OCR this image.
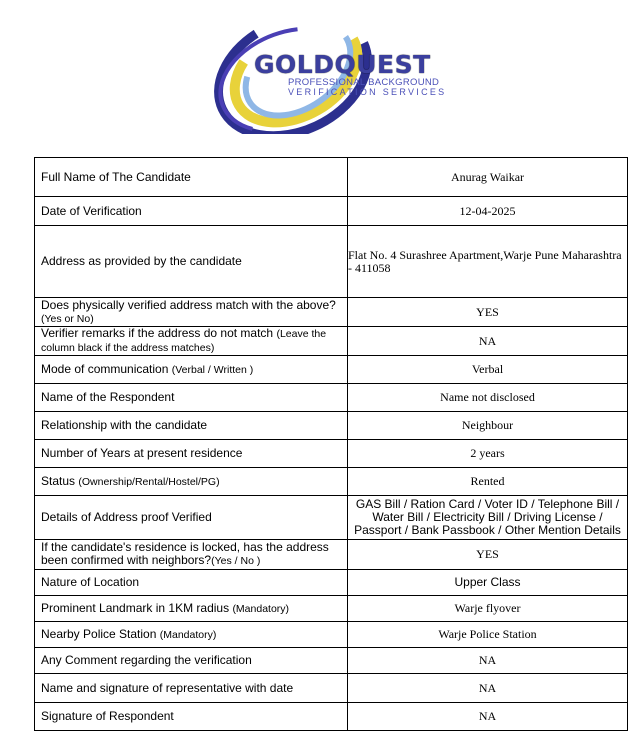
GOLDQUEST
PROFESSIONAL BACKGROUND
VERIFICATION SERVICES
Full Name of The Candidate	Anurag Waikar
Date of Verification	12-04-2025
Address as provided by the candidate	Flat No. 4 Surashree Apartment,Warje Pune Maharashtra - 411058
Does physically verified address match with the above?
(Yes or No)	YES
Verifier remarks if the address do not match (Leave the column black if the address matches)	NA
Mode of communication (Verbal / Written )	Verbal
Name of the Respondent	Name not disclosed
Relationship with the candidate	Neighbour
Number of Years at present residence	2 years
Status (Ownership/Rental/Hostel/PG)	Rented
Details of Address proof Verified	GAS Bill / Ration Card / Voter ID / Telephone Bill / Water Bill / Electricity Bill / Driving License / Passport / Bank Passbook / Other Mention Details
If the candidate's residence is locked, has the address been confirmed with neighbors?(Yes / No )	YES
Nature of Location	Upper Class
Prominent Landmark in 1KM radius (Mandatory)	Warje flyover
Nearby Police Station (Mandatory)	Warje Police Station
Any Comment regarding the verification	NA
Name and signature of representative with date	NA
Signature of Respondent	NA
